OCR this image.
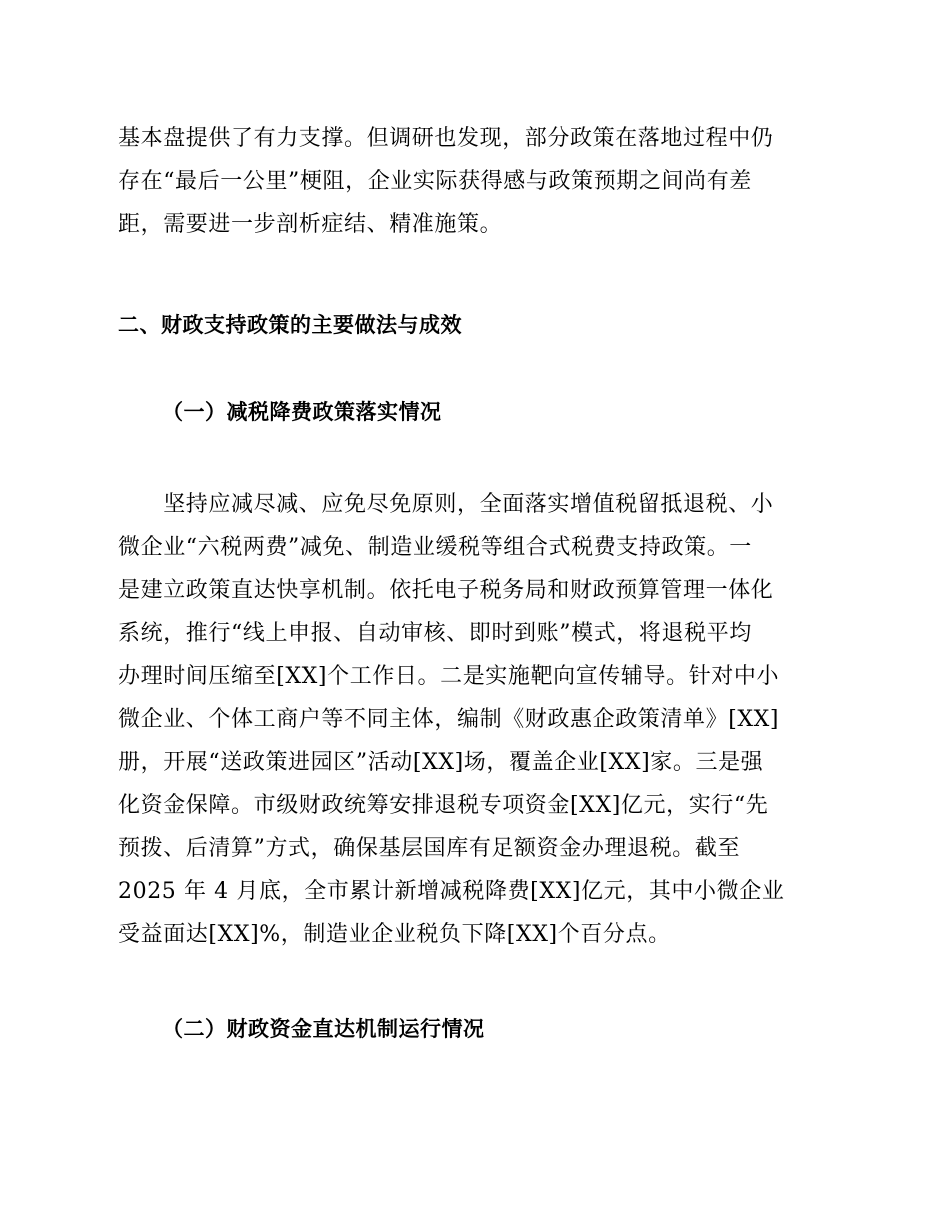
基本盘提供了有力支撑。但调研也发现，部分政策在落地过程中仍
存在“最后一公里”梗阻，企业实际获得感与政策预期之间尚有差
距，需要进一步剖析症结、精准施策。
二、财政支持政策的主要做法与成效
（一）减税降费政策落实情况
　　坚持应减尽减、应免尽免原则，全面落实增值税留抵退税、小
微企业“六税两费”减免、制造业缓税等组合式税费支持政策。一
是建立政策直达快享机制。依托电子税务局和财政预算管理一体化
系统，推行“线上申报、自动审核、即时到账”模式，将退税平均
办理时间压缩至[XX]个工作日。二是实施靶向宣传辅导。针对中小
微企业、个体工商户等不同主体，编制《财政惠企政策清单》[XX]
册，开展“送政策进园区”活动[XX]场，覆盖企业[XX]家。三是强
化资金保障。市级财政统筹安排退税专项资金[XX]亿元，实行“先
预拨、后清算”方式，确保基层国库有足额资金办理退税。截至
2025 年 4 月底，全市累计新增减税降费[XX]亿元，其中小微企业
受益面达[XX]%，制造业企业税负下降[XX]个百分点。
（二）财政资金直达机制运行情况
